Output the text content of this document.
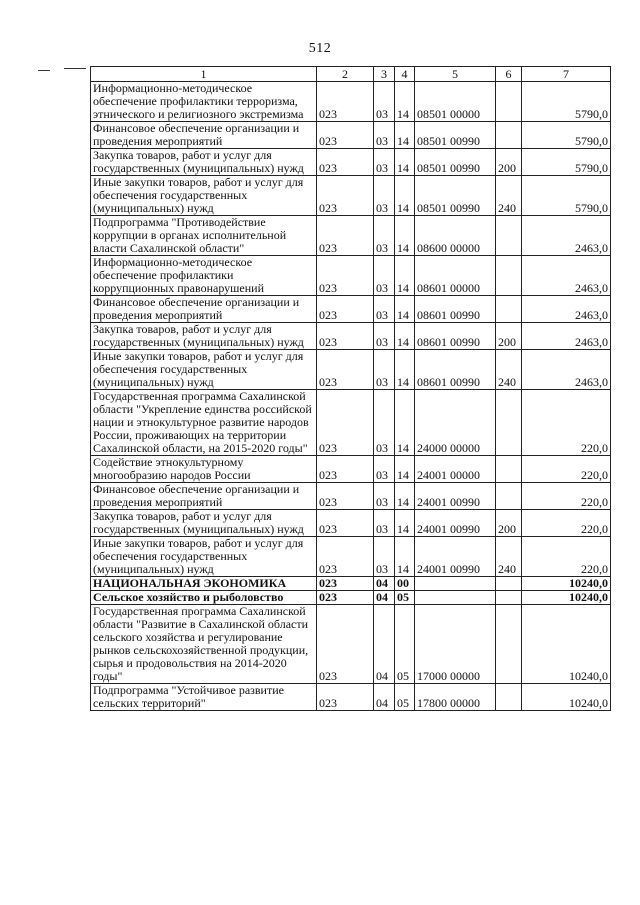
512
1	2	3	4	5	6	7
Информационно-методическое обеспечение профилактики терроризма, этнического и религиозного экстремизма	023	03	14	08501 00000		5790,0
Финансовое обеспечение организации и проведения мероприятий	023	03	14	08501 00990		5790,0
Закупка товаров, работ и услуг для государственных (муниципальных) нужд	023	03	14	08501 00990	200	5790,0
Иные закупки товаров, работ и услуг для обеспечения государственных (муниципальных) нужд	023	03	14	08501 00990	240	5790,0
Подпрограмма "Противодействие коррупции в органах исполнительной власти Сахалинской области"	023	03	14	08600 00000		2463,0
Информационно-методическое обеспечение профилактики коррупционных правонарушений	023	03	14	08601 00000		2463,0
Финансовое обеспечение организации и проведения мероприятий	023	03	14	08601 00990		2463,0
Закупка товаров, работ и услуг для государственных (муниципальных) нужд	023	03	14	08601 00990	200	2463,0
Иные закупки товаров, работ и услуг для обеспечения государственных (муниципальных) нужд	023	03	14	08601 00990	240	2463,0
Государственная программа Сахалинской области "Укрепление единства российской нации и этнокультурное развитие народов России, проживающих на территории Сахалинской области, на 2015-2020 годы"	023	03	14	24000 00000		220,0
Содействие этнокультурному многообразию народов России	023	03	14	24001 00000		220,0
Финансовое обеспечение организации и проведения мероприятий	023	03	14	24001 00990		220,0
Закупка товаров, работ и услуг для государственных (муниципальных) нужд	023	03	14	24001 00990	200	220,0
Иные закупки товаров, работ и услуг для обеспечения государственных (муниципальных) нужд	023	03	14	24001 00990	240	220,0
НАЦИОНАЛЬНАЯ ЭКОНОМИКА	023	04	00			10240,0
Сельское хозяйство и рыболовство	023	04	05			10240,0
Государственная программа Сахалинской области "Развитие в Сахалинской области сельского хозяйства и регулирование рынков сельскохозяйственной продукции, сырья и продовольствия на 2014-2020 годы"	023	04	05	17000 00000		10240,0
Подпрограмма "Устойчивое развитие сельских территорий"	023	04	05	17800 00000		10240,0
